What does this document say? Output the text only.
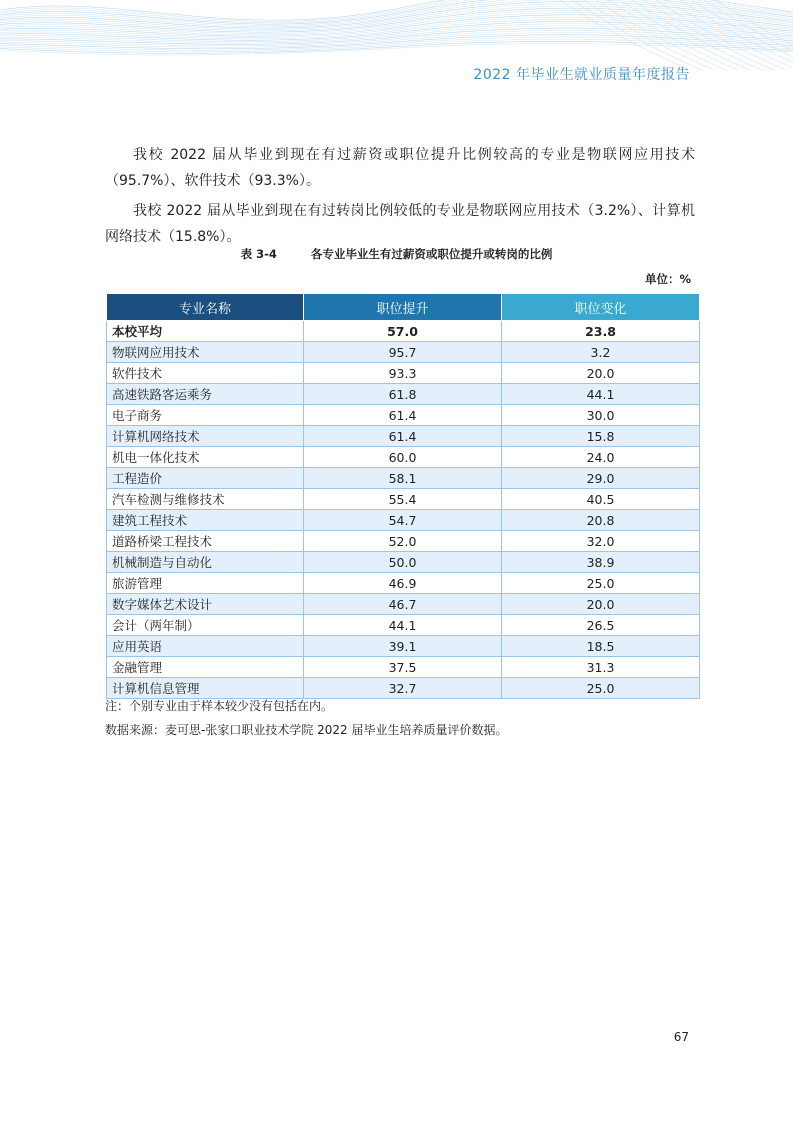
2022 年毕业生就业质量年度报告

我校 2022 届从毕业到现在有过薪资或职位提升比例较高的专业是物联网应用技术（95.7%）、软件技术（93.3%）。

我校 2022 届从毕业到现在有过转岗比例较低的专业是物联网应用技术（3.2%）、计算机网络技术（15.8%）。

表 3-4	各专业毕业生有过薪资或职位提升或转岗的比例
单位：%
专业名称	职位提升	职位变化
本校平均	57.0	23.8
物联网应用技术	95.7	3.2
软件技术	93.3	20.0
高速铁路客运乘务	61.8	44.1
电子商务	61.4	30.0
计算机网络技术	61.4	15.8
机电一体化技术	60.0	24.0
工程造价	58.1	29.0
汽车检测与维修技术	55.4	40.5
建筑工程技术	54.7	20.8
道路桥梁工程技术	52.0	32.0
机械制造与自动化	50.0	38.9
旅游管理	46.9	25.0
数字媒体艺术设计	46.7	20.0
会计（两年制）	44.1	26.5
应用英语	39.1	18.5
金融管理	37.5	31.3
计算机信息管理	32.7	25.0
注：个别专业由于样本较少没有包括在内。
数据来源：麦可思-张家口职业技术学院 2022 届毕业生培养质量评价数据。
67
